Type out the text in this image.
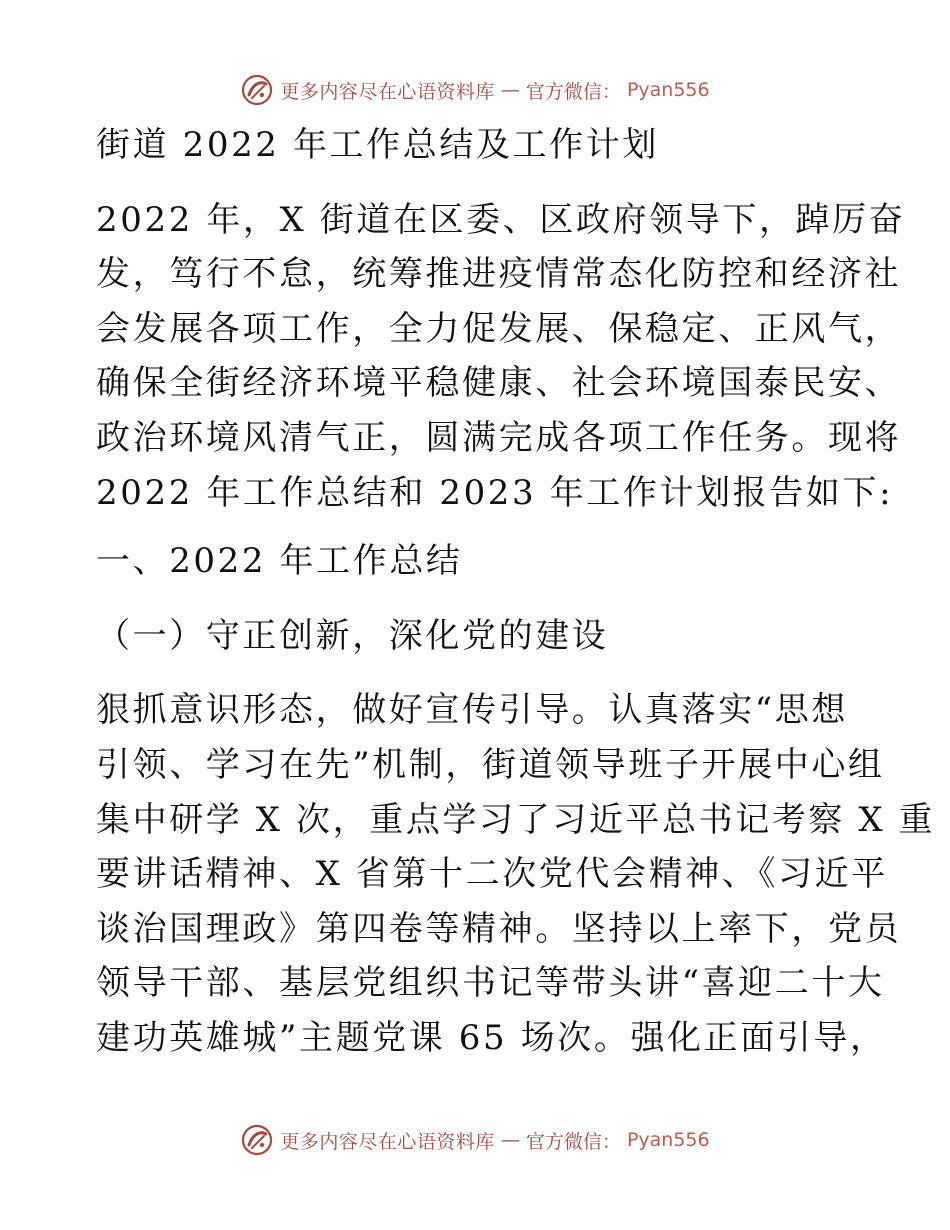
更多内容尽在心语资料库 — 官方微信： Pyan556

街道 2022 年工作总结及工作计划

2022 年，X 街道在区委、区政府领导下，踔厉奋

发，笃行不怠，统筹推进疫情常态化防控和经济社

会发展各项工作，全力促发展、保稳定、正风气，

确保全街经济环境平稳健康、社会环境国泰民安、

政治环境风清气正，圆满完成各项工作任务。现将

2022 年工作总结和 2023 年工作计划报告如下:

一、2022 年工作总结

（一）守正创新，深化党的建设

狠抓意识形态，做好宣传引导。认真落实“思想

引领、学习在先”机制，街道领导班子开展中心组

集中研学 X 次，重点学习了习近平总书记考察 X 重

要讲话精神、X 省第十二次党代会精神、《习近平

谈治国理政》第四卷等精神。坚持以上率下，党员

领导干部、基层党组织书记等带头讲“喜迎二十大

建功英雄城”主题党课 65 场次。强化正面引导，

更多内容尽在心语资料库 — 官方微信： Pyan556
